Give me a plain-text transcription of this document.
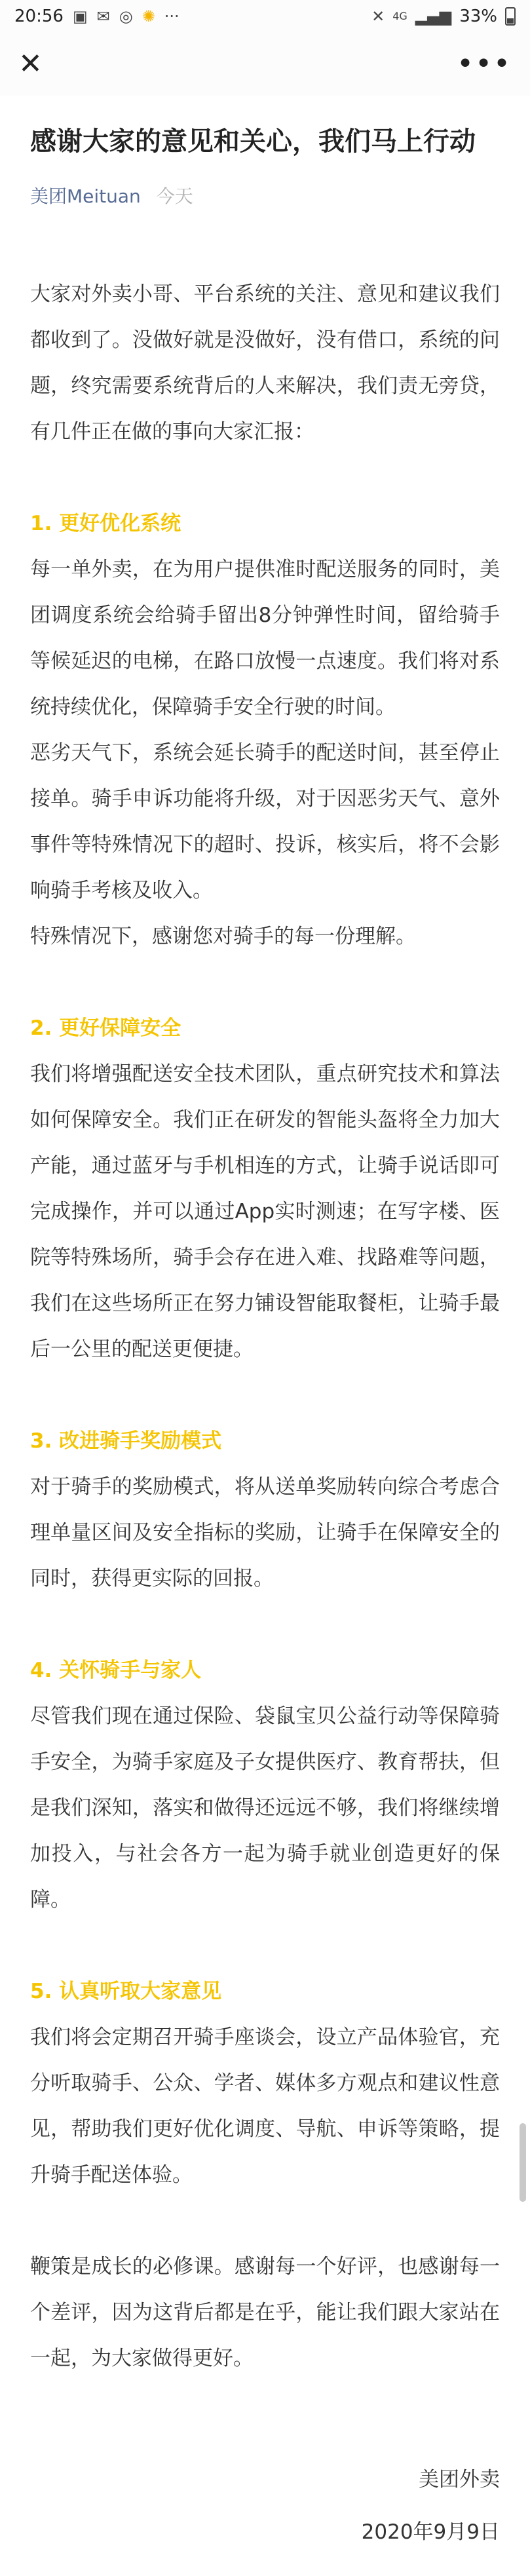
20:56 ▣ ✉ ◎ ✺ ···	✕ 4G ▂▄▆ 33%
✕	•••
感谢大家的意见和关心，我们马上行动
美团Meituan 今天

大家对外卖小哥、平台系统的关注、意见和建议我们都收到了。没做好就是没做好，没有借口，系统的问题，终究需要系统背后的人来解决，我们责无旁贷，有几件正在做的事向大家汇报：

1. 更好优化系统

每一单外卖，在为用户提供准时配送服务的同时，美团调度系统会给骑手留出8分钟弹性时间，留给骑手等候延迟的电梯，在路口放慢一点速度。我们将对系统持续优化，保障骑手安全行驶的时间。

恶劣天气下，系统会延长骑手的配送时间，甚至停止接单。骑手申诉功能将升级，对于因恶劣天气、意外事件等特殊情况下的超时、投诉，核实后，将不会影响骑手考核及收入。

特殊情况下，感谢您对骑手的每一份理解。

2. 更好保障安全

我们将增强配送安全技术团队，重点研究技术和算法如何保障安全。我们正在研发的智能头盔将全力加大产能，通过蓝牙与手机相连的方式，让骑手说话即可完成操作，并可以通过App实时测速；在写字楼、医院等特殊场所，骑手会存在进入难、找路难等问题，我们在这些场所正在努力铺设智能取餐柜，让骑手最后一公里的配送更便捷。

3. 改进骑手奖励模式

对于骑手的奖励模式，将从送单奖励转向综合考虑合理单量区间及安全指标的奖励，让骑手在保障安全的同时，获得更实际的回报。

4. 关怀骑手与家人

尽管我们现在通过保险、袋鼠宝贝公益行动等保障骑手安全，为骑手家庭及子女提供医疗、教育帮扶，但是我们深知，落实和做得还远远不够，我们将继续增加投入，与社会各方一起为骑手就业创造更好的保障。

5. 认真听取大家意见

我们将会定期召开骑手座谈会，设立产品体验官，充分听取骑手、公众、学者、媒体多方观点和建议性意见，帮助我们更好优化调度、导航、申诉等策略，提升骑手配送体验。

鞭策是成长的必修课。感谢每一个好评，也感谢每一个差评，因为这背后都是在乎，能让我们跟大家站在一起，为大家做得更好。

美团外卖

2020年9月9日
